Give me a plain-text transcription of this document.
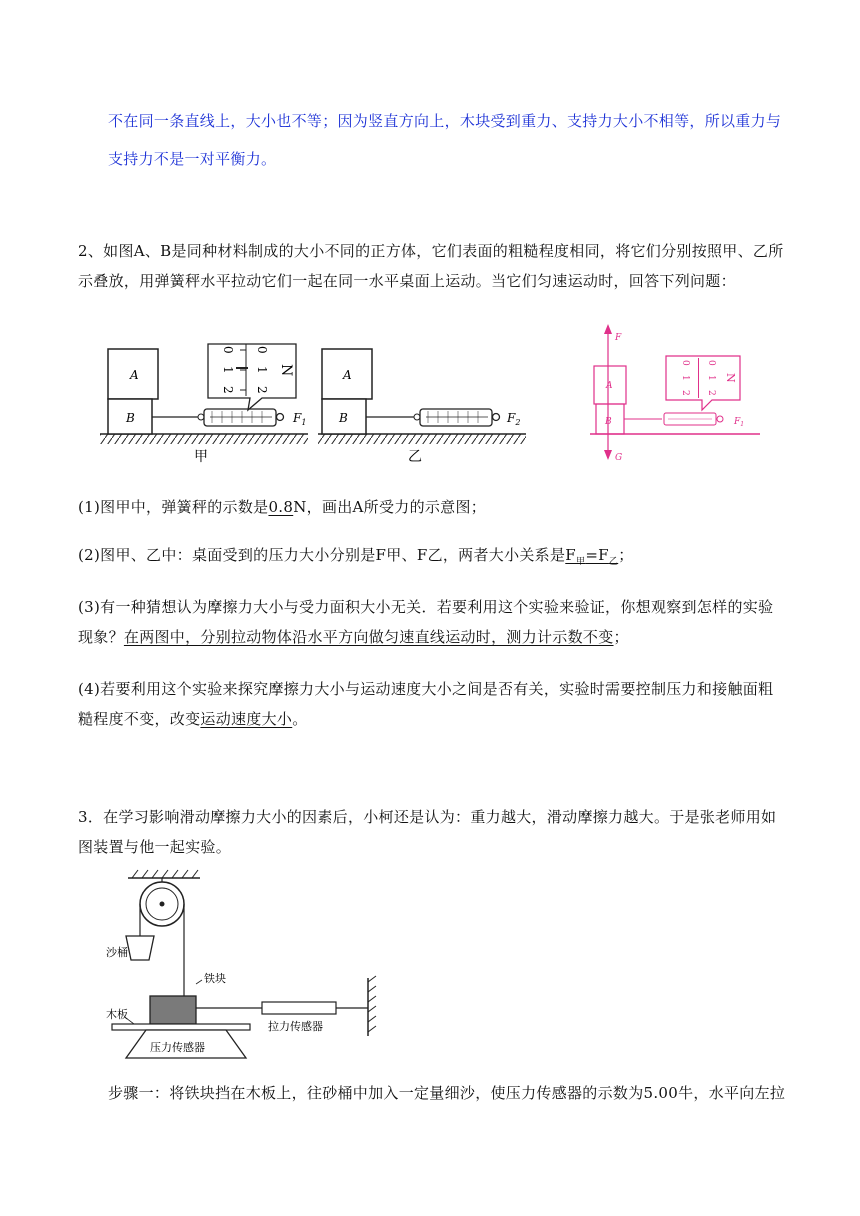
不在同一条直线上，大小也不等；因为竖直方向上，木块受到重力、支持力大小不相等，所以重力与
支持力不是一对平衡力。
2、如图A、B是同种材料制成的大小不同的正方体，它们表面的粗糙程度相同，将它们分别按照甲、乙所示叠放，用弹簧秤水平拉动它们一起在同一水平桌面上运动。当它们匀速运动时，回答下列问题：
A
B	$F_1$
N
0
1
2
0
1
2
甲
A
B	$F_2$
乙
F
G
A
B	$F_1$
N
0
1
2
0
1
2
(1)图甲中，弹簧秤的示数是0.8N，画出A所受力的示意图；
(2)图甲、乙中：桌面受到的压力大小分别是F甲、F乙，两者大小关系是$F_甲=F_乙$；
(3)有一种猜想认为摩擦力大小与受力面积大小无关．若要利用这个实验来验证，你想观察到怎样的实验现象？在两图中，分别拉动物体沿水平方向做匀速直线运动时，测力计示数不变；
(4)若要利用这个实验来探究摩擦力大小与运动速度大小之间是否有关，实验时需要控制压力和接触面粗糙程度不变，改变运动速度大小。
3．在学习影响滑动摩擦力大小的因素后，小柯还是认为：重力越大，滑动摩擦力越大。于是张老师用如图装置与他一起实验。
沙桶
铁块
木板
压力传感器
拉力传感器
步骤一：将铁块挡在木板上，往砂桶中加入一定量细沙，使压力传感器的示数为5.00牛，水平向左拉
